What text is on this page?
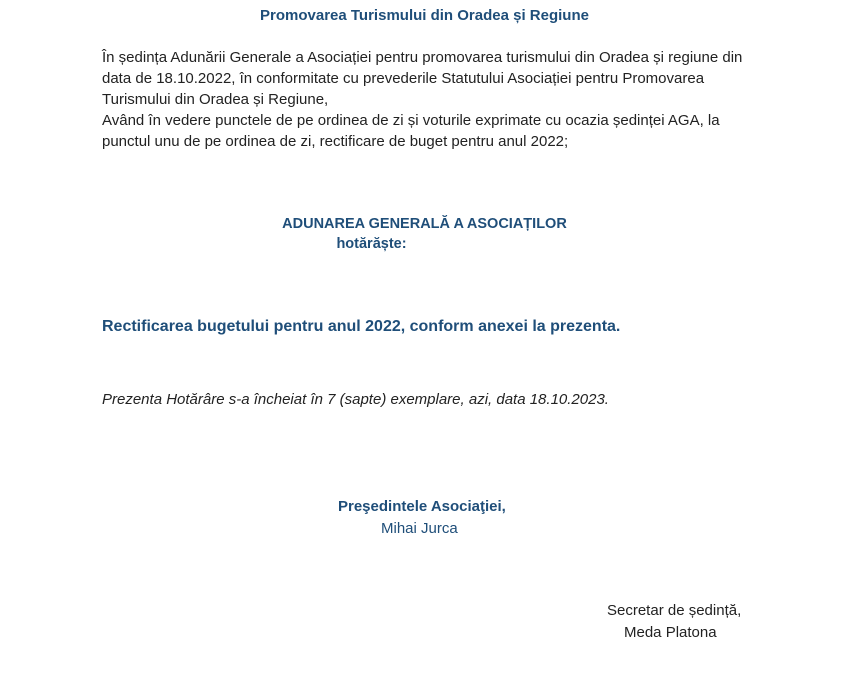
Promovarea Turismului din Oradea și Regiune

În ședința Adunării Generale a Asociației pentru promovarea turismului din Oradea și regiune din data de 18.10.2022, în conformitate cu prevederile Statutului Asociației pentru Promovarea Turismului din Oradea și Regiune,

Având în vedere punctele de pe ordinea de zi și voturile exprimate cu ocazia ședinței AGA, la punctul unu de pe ordinea de zi, rectificare de buget pentru anul 2022;

ADUNAREA GENERALĂ A ASOCIAȚILOR
hotărăște:
Rectificarea bugetului pentru anul 2022, conform anexei la prezenta.
Prezenta Hotărâre s-a încheiat în 7 (sapte) exemplare, azi, data 18.10.2023.
Preşedintele Asociaţiei,
Mihai Jurca
Secretar de ședință,
Meda Platona
